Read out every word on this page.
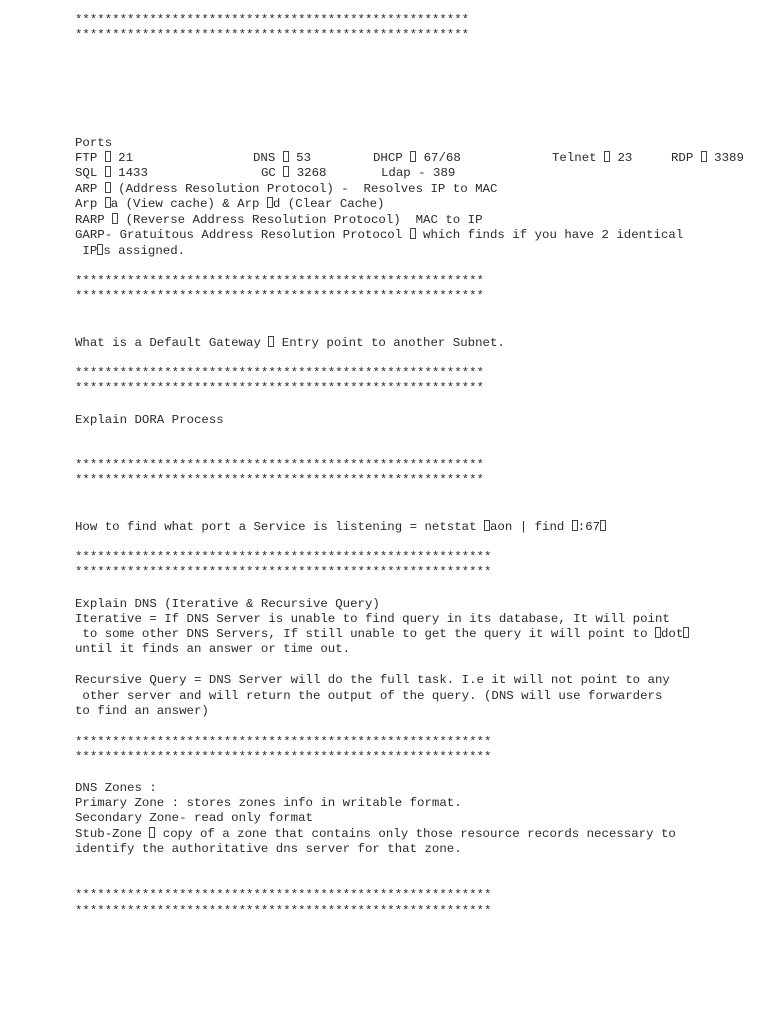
*****************************************************
*****************************************************
Ports
FTP  21	DNS  53	DHCP  67/68	Telnet  23	RDP  3389
SQL  1433	GC  3268	Ldap - 389
ARP  (Address Resolution Protocol) -  Resolves IP to MAC
Arp a (View cache) & Arp d (Clear Cache)
RARP  (Reverse Address Resolution Protocol)  MAC to IP
GARP- Gratuitous Address Resolution Protocol  which finds if you have 2 identical
IP s assigned.
*******************************************************
*******************************************************
What is a Default Gateway  Entry point to another Subnet.
*******************************************************
*******************************************************
Explain DORA Process
*******************************************************
*******************************************************
How to find what port a Service is listening = netstat aon | find :67
********************************************************
********************************************************
Explain DNS (Iterative & Recursive Query)
Iterative = If DNS Server is unable to find query in its database, It will point
to some other DNS Servers, If still unable to get the query it will point to dot
until it finds an answer or time out.
Recursive Query = DNS Server will do the full task. I.e it will not point to any
other server and will return the output of the query. (DNS will use forwarders
to find an answer)
********************************************************
********************************************************
DNS Zones :
Primary Zone : stores zones info in writable format.
Secondary Zone- read only format
Stub-Zone  copy of a zone that contains only those resource records necessary to
identify the authoritative dns server for that zone.
********************************************************
********************************************************
